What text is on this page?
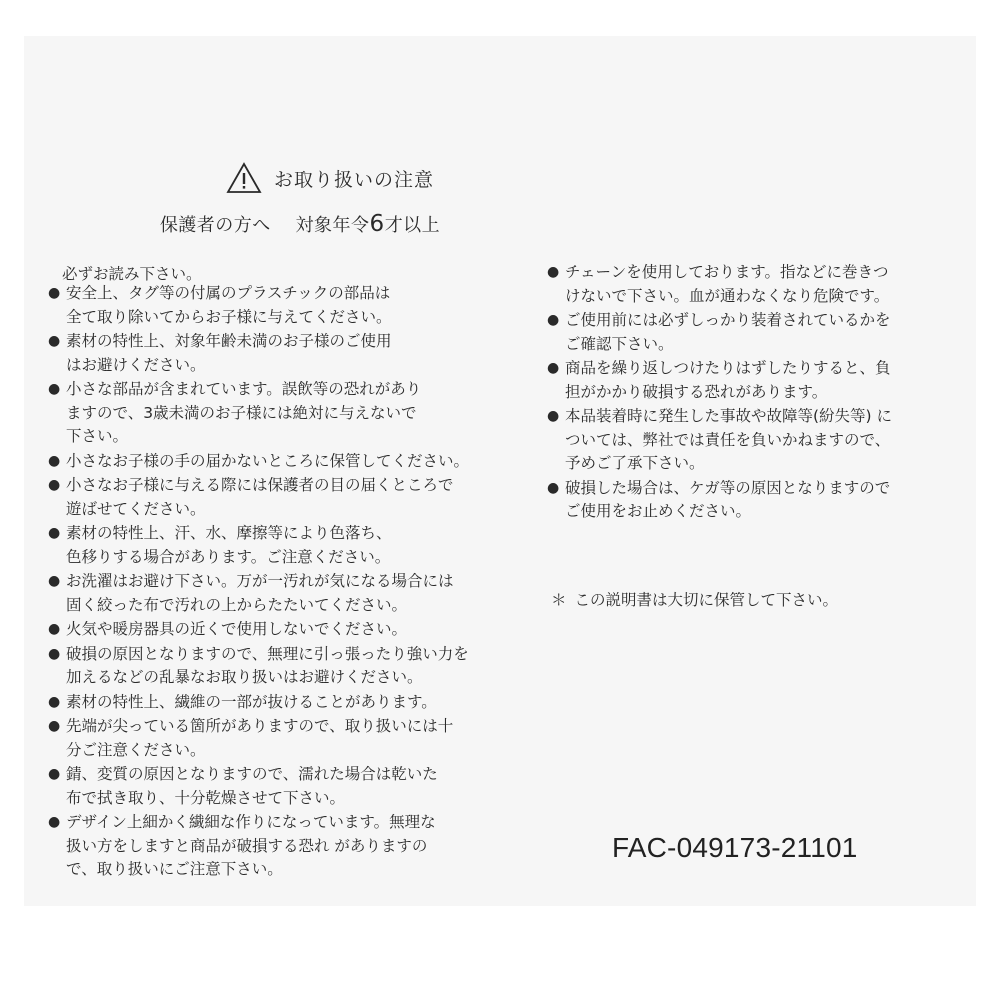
お取り扱いの注意
保護者の方へ　 対象年令6才以上
必ずお読み下さい。
● 安全上、タグ等の付属のプラスチックの部品は
全て取り除いてからお子様に与えてください。
● 素材の特性上、対象年齢未満のお子様のご使用
はお避けください。
● 小さな部品が含まれています。誤飲等の恐れがあり
ますので、3歳未満のお子様には絶対に与えないで
下さい。
● 小さなお子様の手の届かないところに保管してください。
● 小さなお子様に与える際には保護者の目の届くところで
遊ばせてください。
● 素材の特性上、汗、水、摩擦等により色落ち、
色移りする場合があります。ご注意ください。
● お洗濯はお避け下さい。万が一汚れが気になる場合には
固く絞った布で汚れの上からたたいてください。
● 火気や暖房器具の近くで使用しないでください。
● 破損の原因となりますので、無理に引っ張ったり強い力を
加えるなどの乱暴なお取り扱いはお避けください。
● 素材の特性上、繊維の一部が抜けることがあります。
● 先端が尖っている箇所がありますので、取り扱いには十
分ご注意ください。
● 錆、変質の原因となりますので、濡れた場合は乾いた
布で拭き取り、十分乾燥させて下さい。
● デザイン上細かく繊細な作りになっています。無理な
扱い方をしますと商品が破損する恐れ がありますの
で、取り扱いにご注意下さい。
● チェーンを使用しております。指などに巻きつ
けないで下さい。血が通わなくなり危険です。
● ご使用前には必ずしっかり装着されているかを
ご確認下さい。
● 商品を繰り返しつけたりはずしたりすると、負
担がかかり破損する恐れがあります。
● 本品装着時に発生した事故や故障等(紛失等) に
ついては、弊社では責任を負いかねますので、
予めご了承下さい。
● 破損した場合は、ケガ等の原因となりますので
ご使用をお止めください。
＊ この説明書は大切に保管して下さい。
FAC-049173-21101
